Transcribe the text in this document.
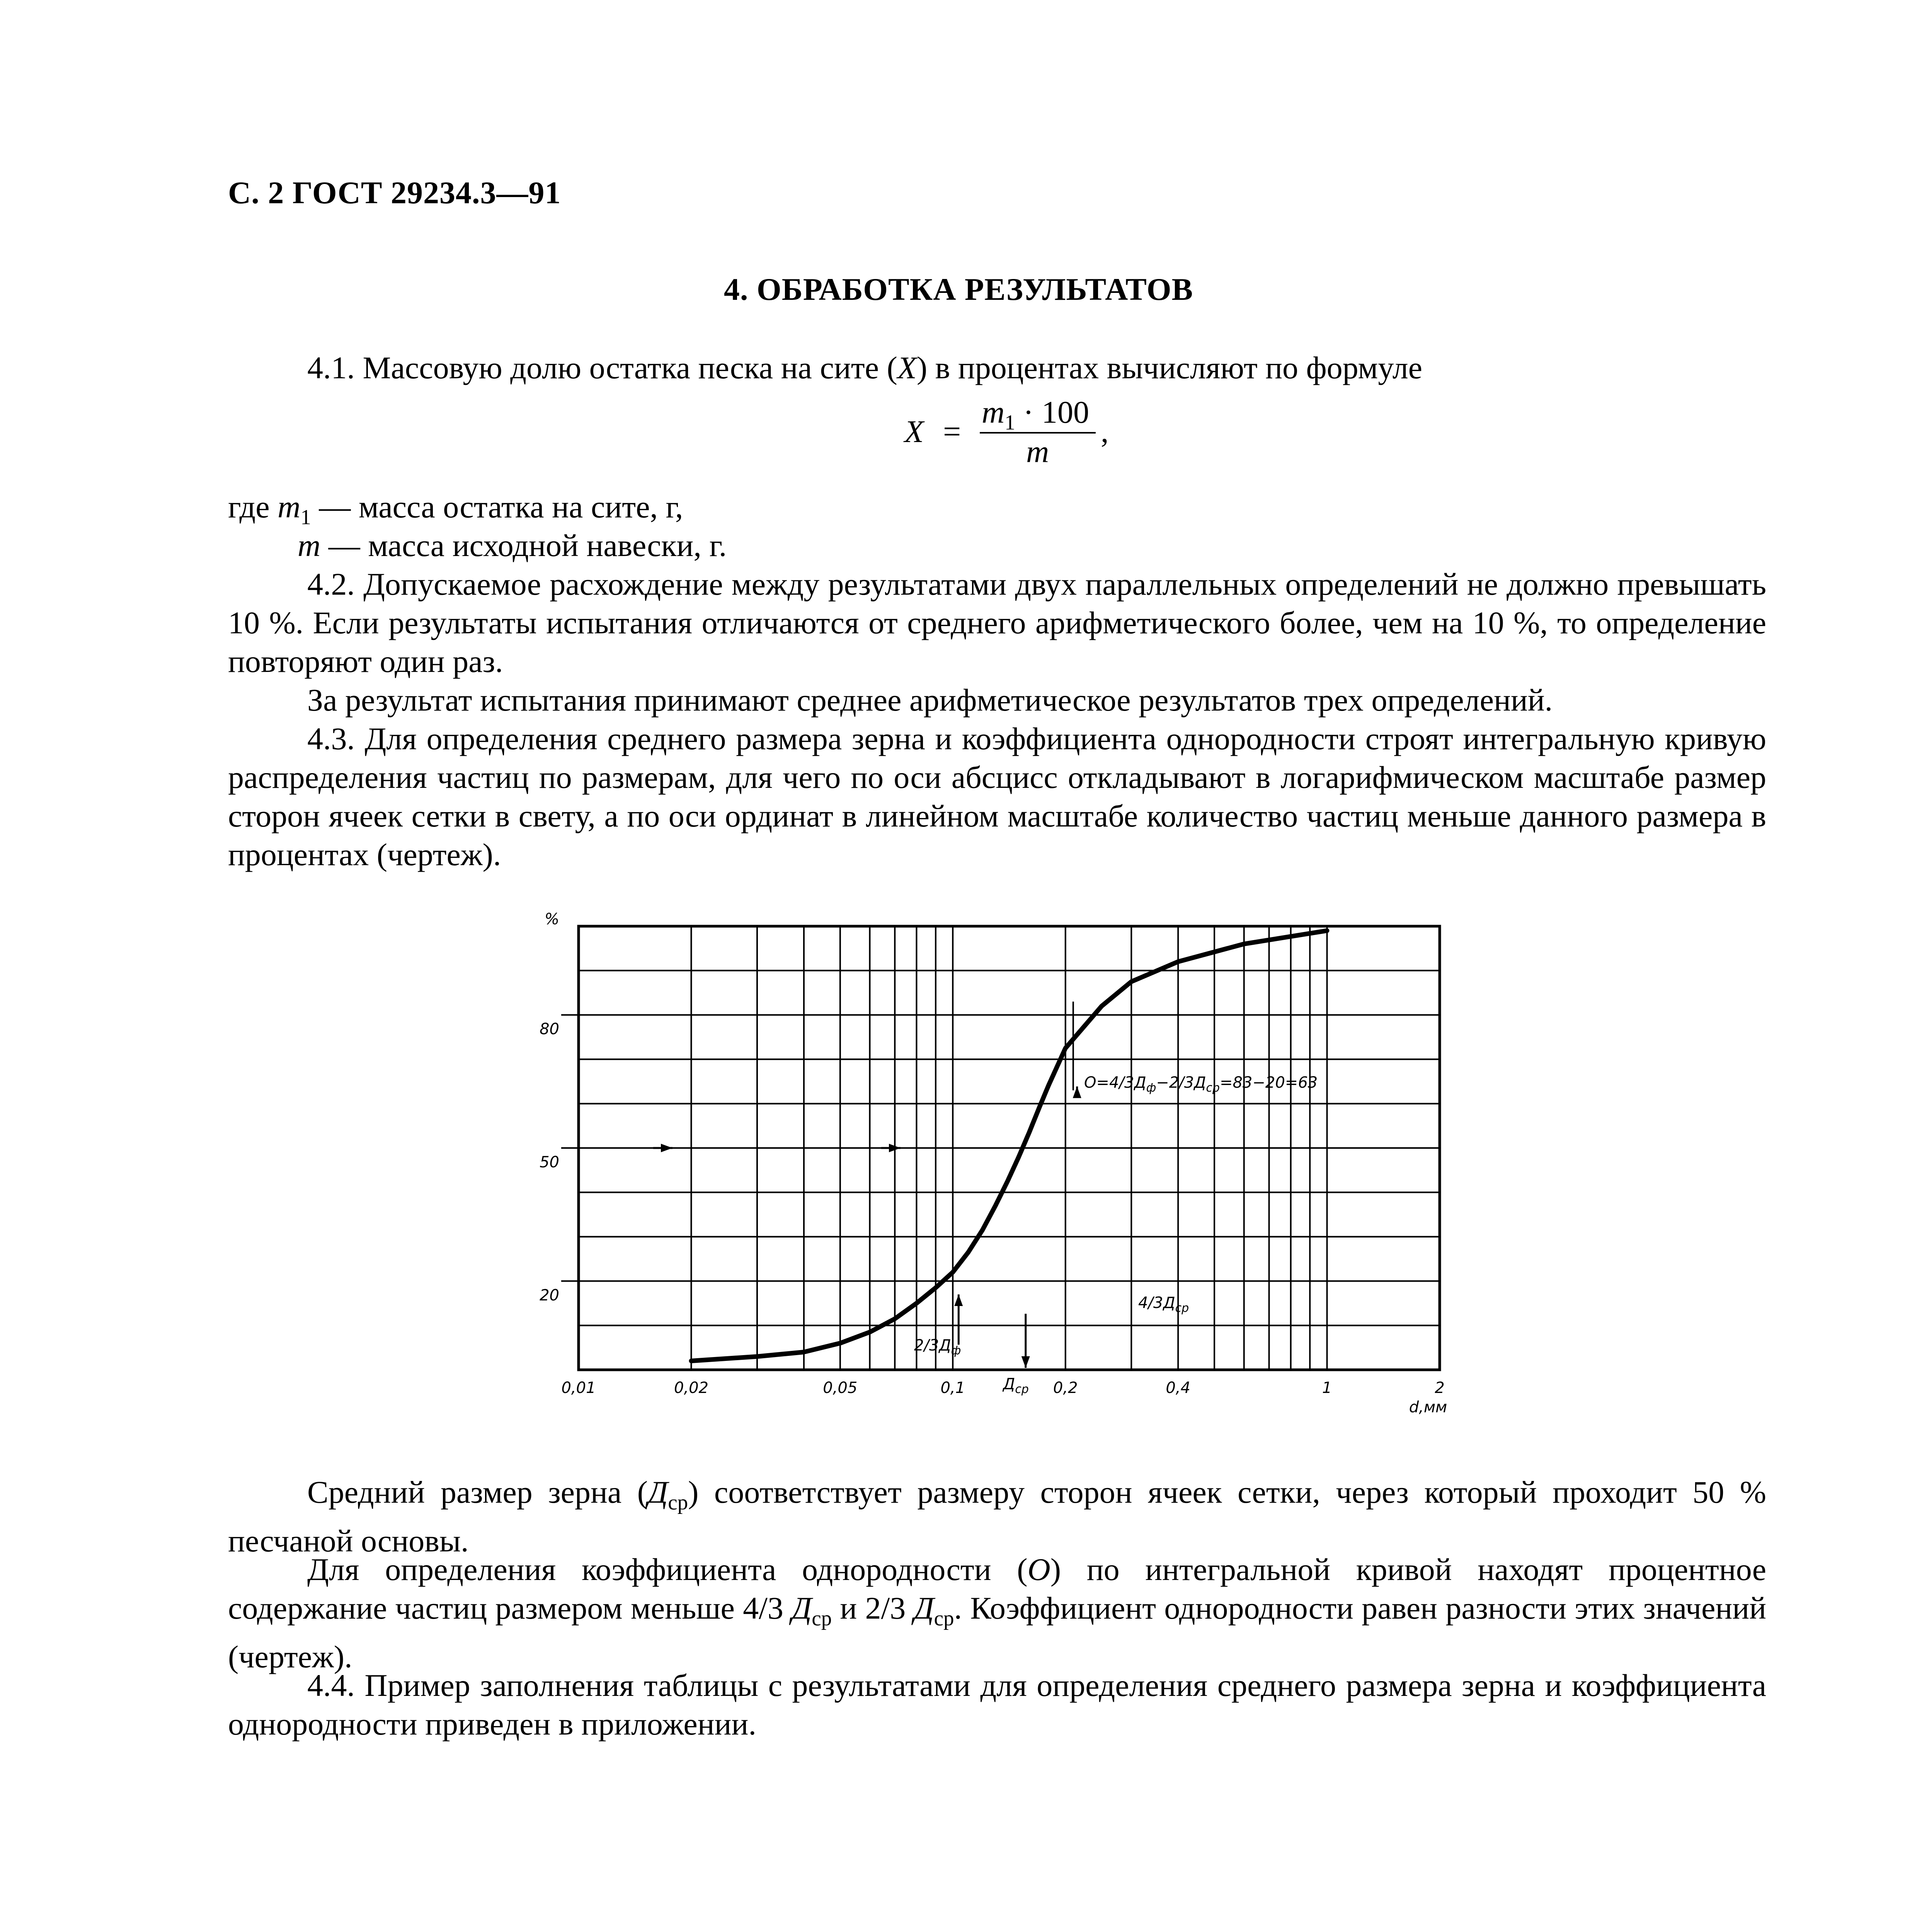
С. 2 ГОСТ 29234.3—91
4. ОБРАБОТКА РЕЗУЛЬТАТОВ
4.1. Массовую долю остатка песка на сите (X) в процентах вычисляют по формуле
X =
$m_1 \cdot 100$
m
,
где $m_1$ — масса остатка на сите, г,
m — масса исходной навески, г.
4.2. Допускаемое расхождение между результатами двух параллельных определений не должно превышать 10 %. Если результаты испытания отличаются от среднего арифметического более, чем на 10 %, то определение повторяют один раз.
За результат испытания принимают среднее арифметическое результатов трех определений.
4.3. Для определения среднего размера зерна и коэффициента однородности строят интегральную кривую распределения частиц по размерам, для чего по оси абсцисс откладывают в логарифмическом масштабе размер сторон ячеек сетки в свету, а по оси ординат в линейном масштабе количество частиц меньше данного размера в процентах (чертеж).
20
50
80
%
0,01	0,02	0,05	0,1	0,2	0,4	1	2
d,мм
$О=4/3Д_ф-2/3Д_{ср}=83-20=63$
$4/3Д_{ср}$
$2/3Д_ф$
$Д_{ср}$
Средний размер зерна $(Д_{ср})$ соответствует размеру сторон ячеек сетки, через который проходит 50 % песчаной основы.
Для определения коэффициента однородности (О) по интегральной кривой находят процентное содержание частиц размером меньше 4/3 $Д_{ср}$ и 2/3 $Д_{ср}$. Коэффициент однородности равен разности этих значений (чертеж).
4.4. Пример заполнения таблицы с результатами для определения среднего размера зерна и коэффициента однородности приведен в приложении.
